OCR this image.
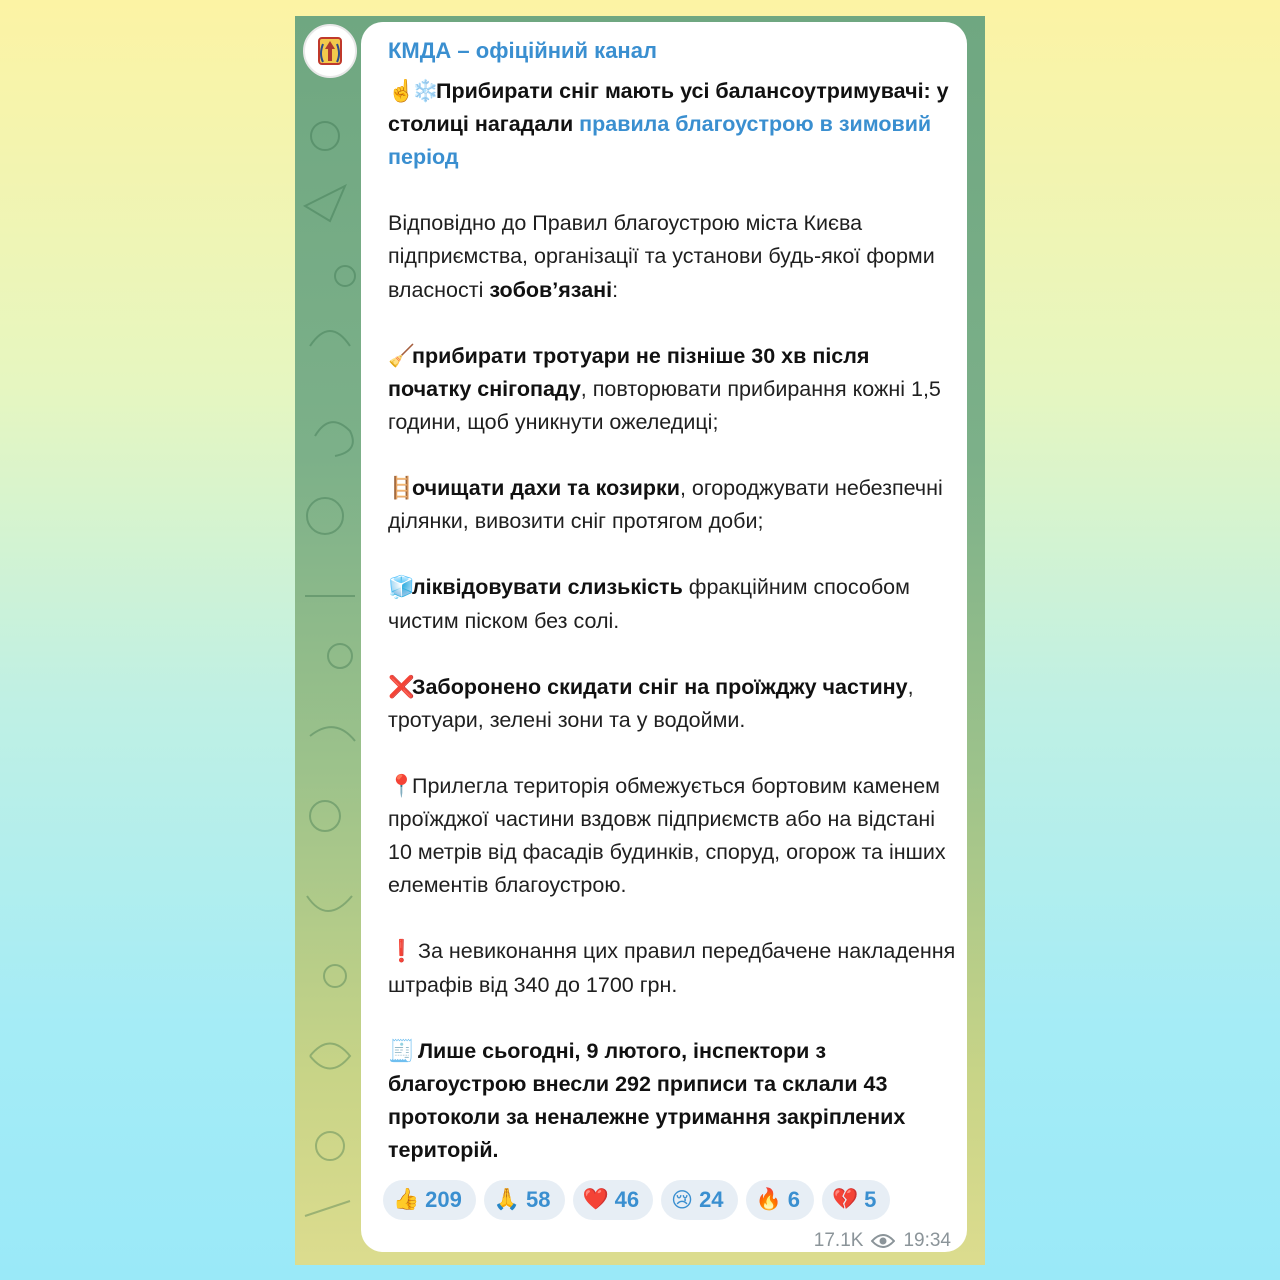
КМДА – офіційний канал

☝️❄️Прибирати сніг мають усі балансоутримувачі: у столиці нагадали правила благоустрою в зимовий період

Відповідно до Правил благоустрою міста Києва підприємства, організації та установи будь-якої форми власності зобов’язані:

🧹прибирати тротуари не пізніше 30 хв після початку снігопаду, повторювати прибирання кожні 1,5 години, щоб уникнути ожеледиці;

🪜очищати дахи та козирки, огороджувати небезпечні ділянки, вивозити сніг протягом доби;

🧊ліквідовувати слизькість фракційним способом чистим піском без солі.

❌Заборонено скидати сніг на проїжджу частину, тротуари, зелені зони та у водойми.

📍Прилегла територія обмежується бортовим каменем проїжджої частини вздовж підприємств або на відстані 10 метрів від фасадів будинків, споруд, огорож та інших елементів благоустрою.

❗ За невиконання цих правил передбачене накладення штрафів від 340 до 1700 грн.

🧾 Лише сьогодні, 9 лютого, інспектори з благоустрою внесли 292 приписи та склали 43 протоколи за неналежне утримання закріплених територій.

👍 209 🙏 58 ❤️ 46 😢 24 🔥 6 💔 5
17.1K 19:34
